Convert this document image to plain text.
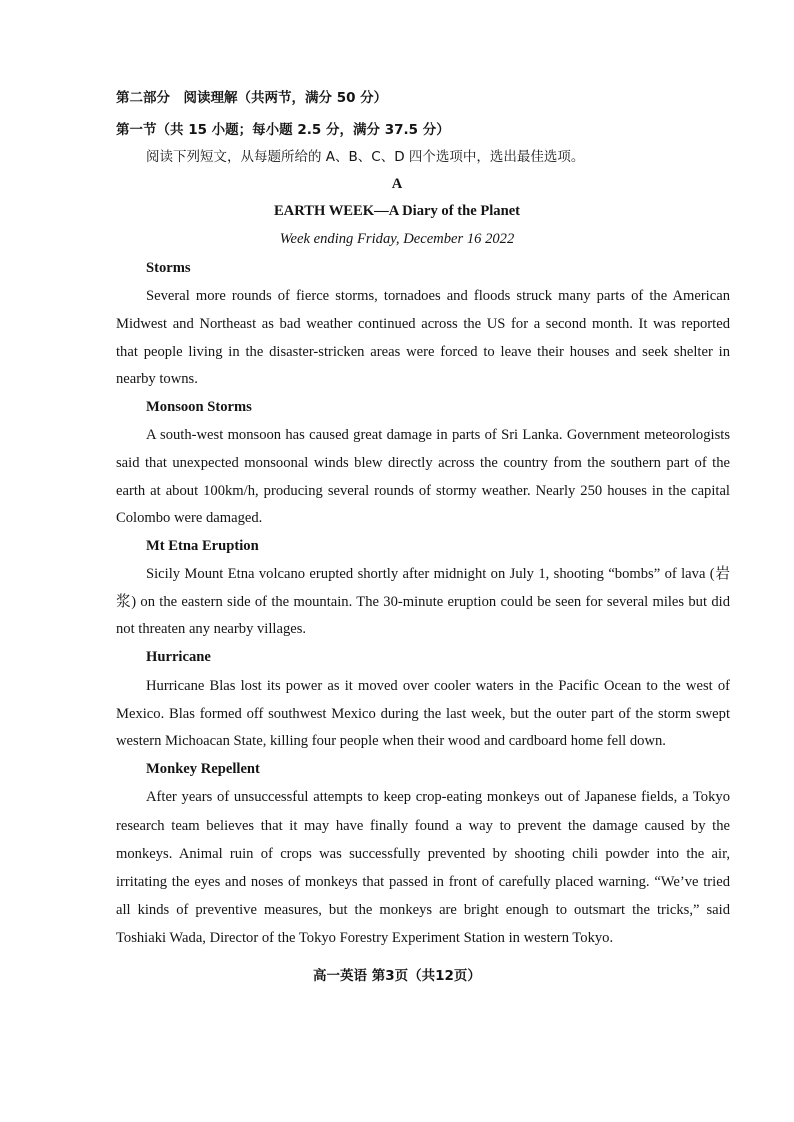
第二部分　阅读理解（共两节，满分 50 分）
第一节（共 15 小题；每小题 2.5 分，满分 37.5 分）
阅读下列短文，从每题所给的 A、B、C、D 四个选项中，选出最佳选项。
A
EARTH WEEK—A Diary of the Planet
Week ending Friday, December 16 2022
Storms
Several more rounds of fierce storms, tornadoes and floods struck many parts of the American
Midwest and Northeast as bad weather continued across the US for a second month. It was reported
that people living in the disaster-stricken areas were forced to leave their houses and seek shelter in
nearby towns.
Monsoon Storms
A south-west monsoon has caused great damage in parts of Sri Lanka. Government meteorologists
said that unexpected monsoonal winds blew directly across the country from the southern part of the
earth at about 100km/h, producing several rounds of stormy weather. Nearly 250 houses in the capital
Colombo were damaged.
Mt Etna Eruption
Sicily Mount Etna volcano erupted shortly after midnight on July 1, shooting “bombs” of lava (岩
浆) on the eastern side of the mountain. The 30-minute eruption could be seen for several miles but did
not threaten any nearby villages.
Hurricane
Hurricane Blas lost its power as it moved over cooler waters in the Pacific Ocean to the west of
Mexico. Blas formed off southwest Mexico during the last week, but the outer part of the storm swept
western Michoacan State, killing four people when their wood and cardboard home fell down.
Monkey Repellent
After years of unsuccessful attempts to keep crop-eating monkeys out of Japanese fields, a Tokyo
research team believes that it may have finally found a way to prevent the damage caused by the
monkeys. Animal ruin of crops was successfully prevented by shooting chili powder into the air,
irritating the eyes and noses of monkeys that passed in front of carefully placed warning. “We’ve tried
all kinds of preventive measures, but the monkeys are bright enough to outsmart the tricks,” said
Toshiaki Wada, Director of the Tokyo Forestry Experiment Station in western Tokyo.
高一英语 第3页（共12页）
